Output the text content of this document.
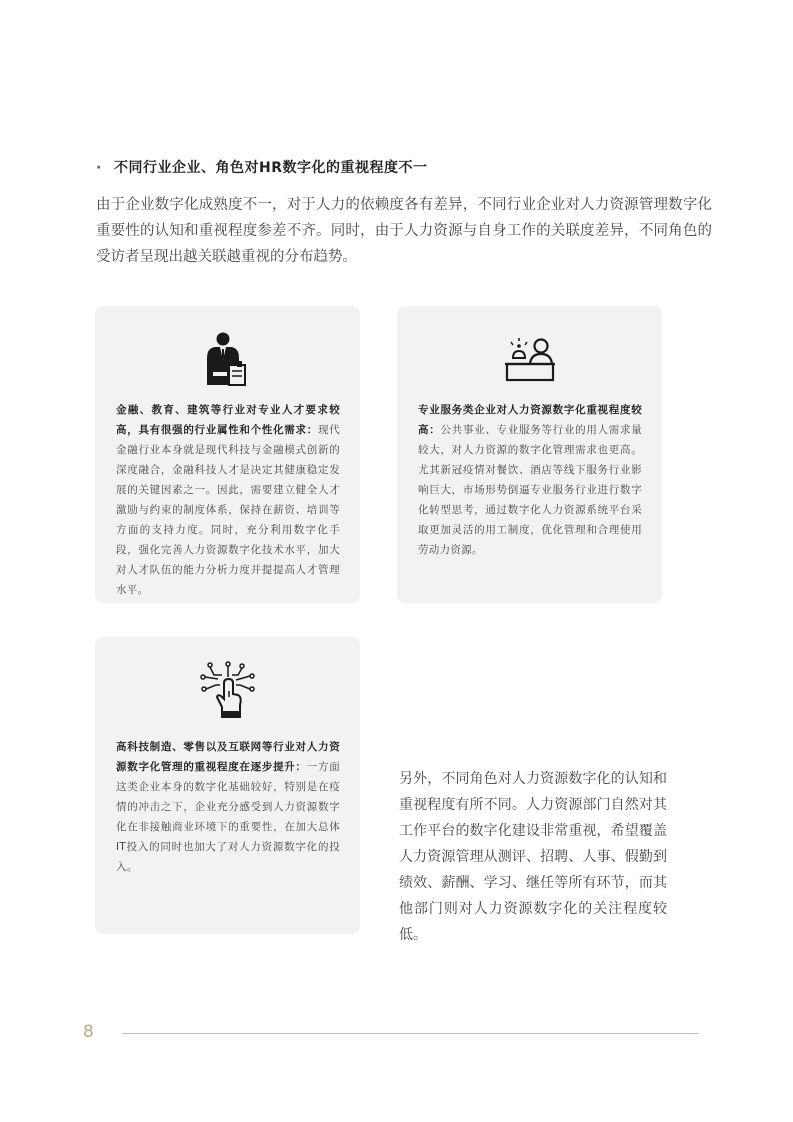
· 不同行业企业、角色对HR数字化的重视程度不一

由于企业数字化成熟度不一，对于人力的依赖度各有差异，不同行业企业对人力资源管理数字化重要性的认知和重视程度参差不齐。同时，由于人力资源与自身工作的关联度差异，不同角色的受访者呈现出越关联越重视的分布趋势。

金融、教育、建筑等行业对专业人才要求较高，具有很强的行业属性和个性化需求：现代金融行业本身就是现代科技与金融模式创新的深度融合，金融科技人才是决定其健康稳定发展的关键因素之一。因此，需要建立健全人才激励与约束的制度体系，保持在薪资、培训等方面的支持力度。同时，充分利用数字化手段，强化完善人力资源数字化技术水平，加大对人才队伍的能力分析力度并提提高人才管理水平。
专业服务类企业对人力资源数字化重视程度较高：公共事业、专业服务等行业的用人需求量较大，对人力资源的数字化管理需求也更高。尤其新冠疫情对餐饮、酒店等线下服务行业影响巨大，市场形势倒逼专业服务行业进行数字化转型思考，通过数字化人力资源系统平台采取更加灵活的用工制度，优化管理和合理使用劳动力资源。
高科技制造、零售以及互联网等行业对人力资源数字化管理的重视程度在逐步提升：一方面这类企业本身的数字化基础较好，特别是在疫情的冲击之下，企业充分感受到人力资源数字化在非接触商业环境下的重要性，在加大总体IT投入的同时也加大了对人力资源数字化的投入。

另外，不同角色对人力资源数字化的认知和重视程度有所不同。人力资源部门自然对其工作平台的数字化建设非常重视，希望覆盖人力资源管理从测评、招聘、人事、假勤到绩效、薪酬、学习、继任等所有环节，而其他部门则对人力资源数字化的关注程度较低。

8
